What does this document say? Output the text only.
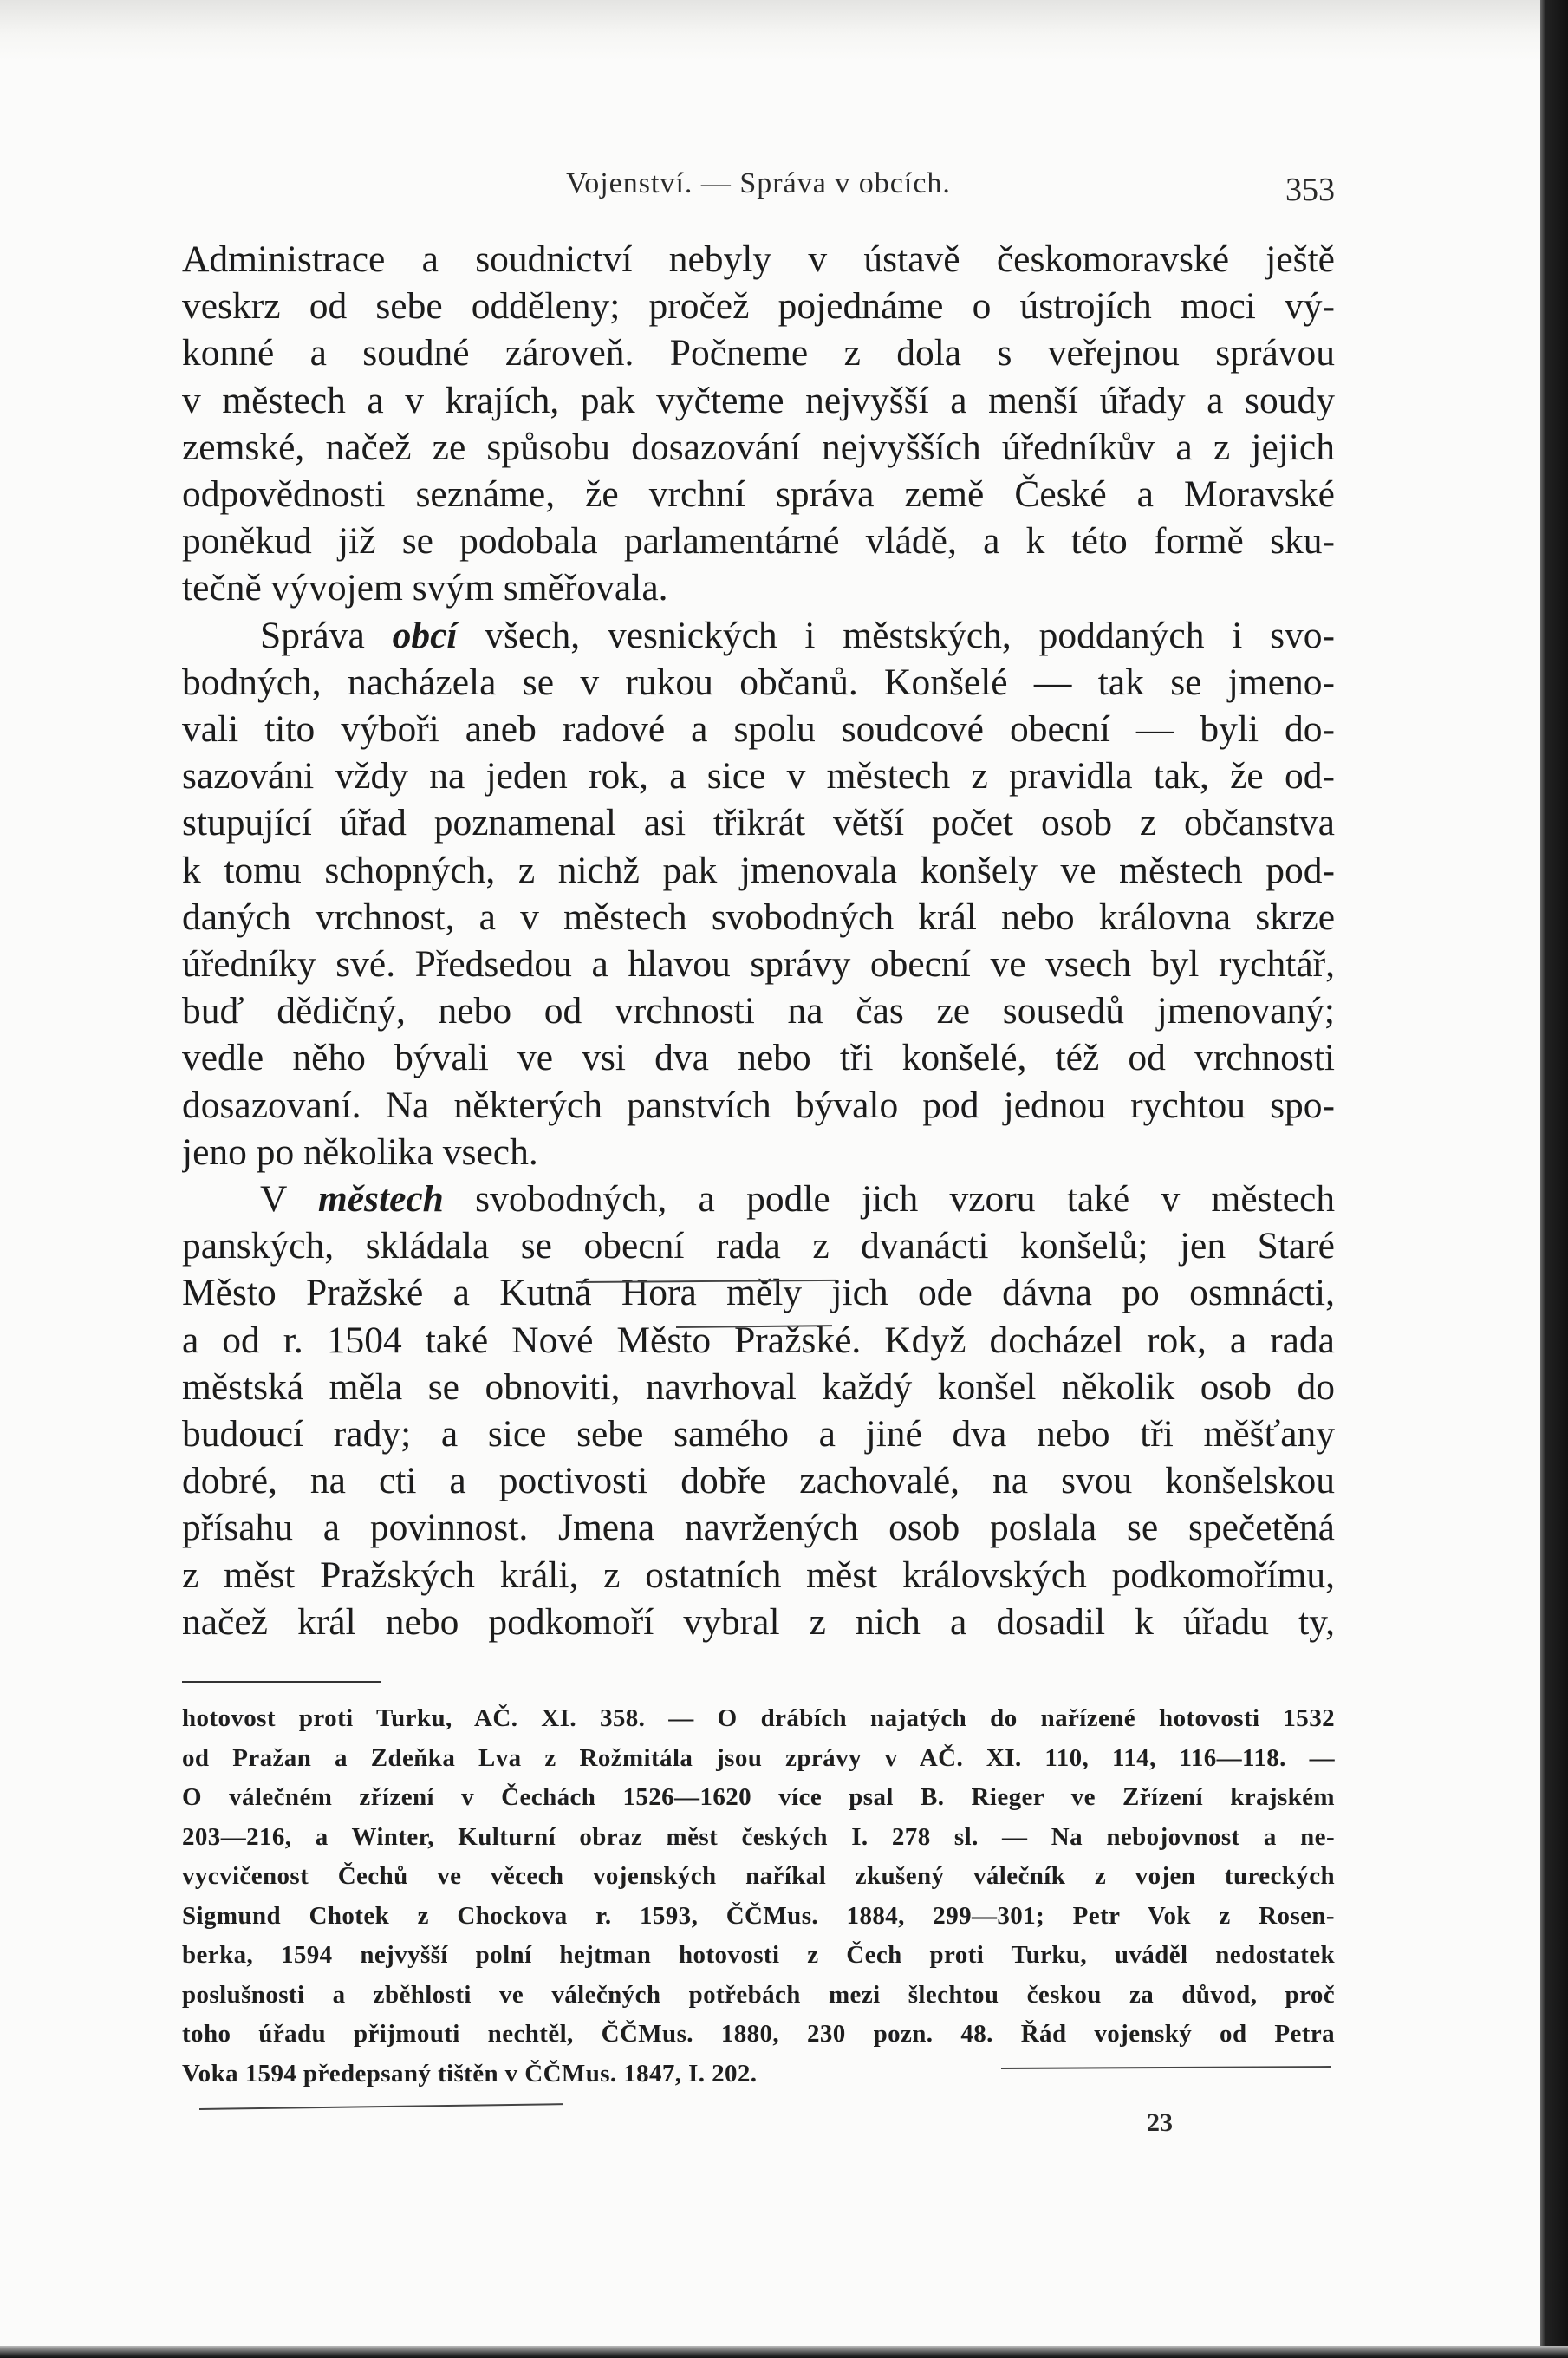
Vojenství. — Správa v obcích.	353
Administrace a soudnictví nebyly v ústavě českomoravské ještě
veskrz od sebe odděleny; pročež pojednáme o ústrojích moci vý-
konné a soudné zároveň. Počneme z dola s veřejnou správou
v městech a v krajích, pak vyčteme nejvyšší a menší úřady a soudy
zemské, načež ze spůsobu dosazování nejvyšších úředníkův a z jejich
odpovědnosti seznáme, že vrchní správa země České a Moravské
poněkud již se podobala parlamentárné vládě, a k této formě sku-
tečně vývojem svým směřovala.
Správa obcí všech, vesnických i městských, poddaných i svo-
bodných, nacházela se v rukou občanů. Konšelé — tak se jmeno-
vali tito výboři aneb radové a spolu soudcové obecní — byli do-
sazováni vždy na jeden rok, a sice v městech z pravidla tak, že od-
stupující úřad poznamenal asi třikrát větší počet osob z občanstva
k tomu schopných, z nichž pak jmenovala konšely ve městech pod-
daných vrchnost, a v městech svobodných král nebo královna skrze
úředníky své. Předsedou a hlavou správy obecní ve vsech byl rychtář,
buď dědičný, nebo od vrchnosti na čas ze sousedů jmenovaný;
vedle něho bývali ve vsi dva nebo tři konšelé, též od vrchnosti
dosazovaní. Na některých panstvích bývalo pod jednou rychtou spo-
jeno po několika vsech.
V městech svobodných, a podle jich vzoru také v městech
panských, skládala se obecní rada z dvanácti konšelů; jen Staré
Město Pražské a Kutná Hora měly jich ode dávna po osmnácti,
a od r. 1504 také Nové Město Pražské. Když docházel rok, a rada
městská měla se obnoviti, navrhoval každý konšel několik osob do
budoucí rady; a sice sebe samého a jiné dva nebo tři měšťany
dobré, na cti a poctivosti dobře zachovalé, na svou konšelskou
přísahu a povinnost. Jmena navržených osob poslala se spečetěná
z měst Pražských králi, z ostatních měst královských podkomořímu,
načež král nebo podkomoří vybral z nich a dosadil k úřadu ty,
hotovost proti Turku, AČ. XI. 358. — O drábích najatých do nařízené hotovosti 1532
od Pražan a Zdeňka Lva z Rožmitála jsou zprávy v AČ. XI. 110, 114, 116—118. —
O válečném zřízení v Čechách 1526—1620 více psal B. Rieger ve Zřízení krajském
203—216, a Winter, Kulturní obraz měst českých I. 278 sl. — Na nebojovnost a ne-
vycvičenost Čechů ve věcech vojenských naříkal zkušený válečník z vojen tureckých
Sigmund Chotek z Chockova r. 1593, ČČMus. 1884, 299—301; Petr Vok z Rosen-
berka, 1594 nejvyšší polní hejtman hotovosti z Čech proti Turku, uváděl nedostatek
poslušnosti a zběhlosti ve válečných potřebách mezi šlechtou českou za důvod, proč
toho úřadu přijmouti nechtěl, ČČMus. 1880, 230 pozn. 48. Řád vojenský od Petra
Voka 1594 předepsaný tištěn v ČČMus. 1847, I. 202.
23
